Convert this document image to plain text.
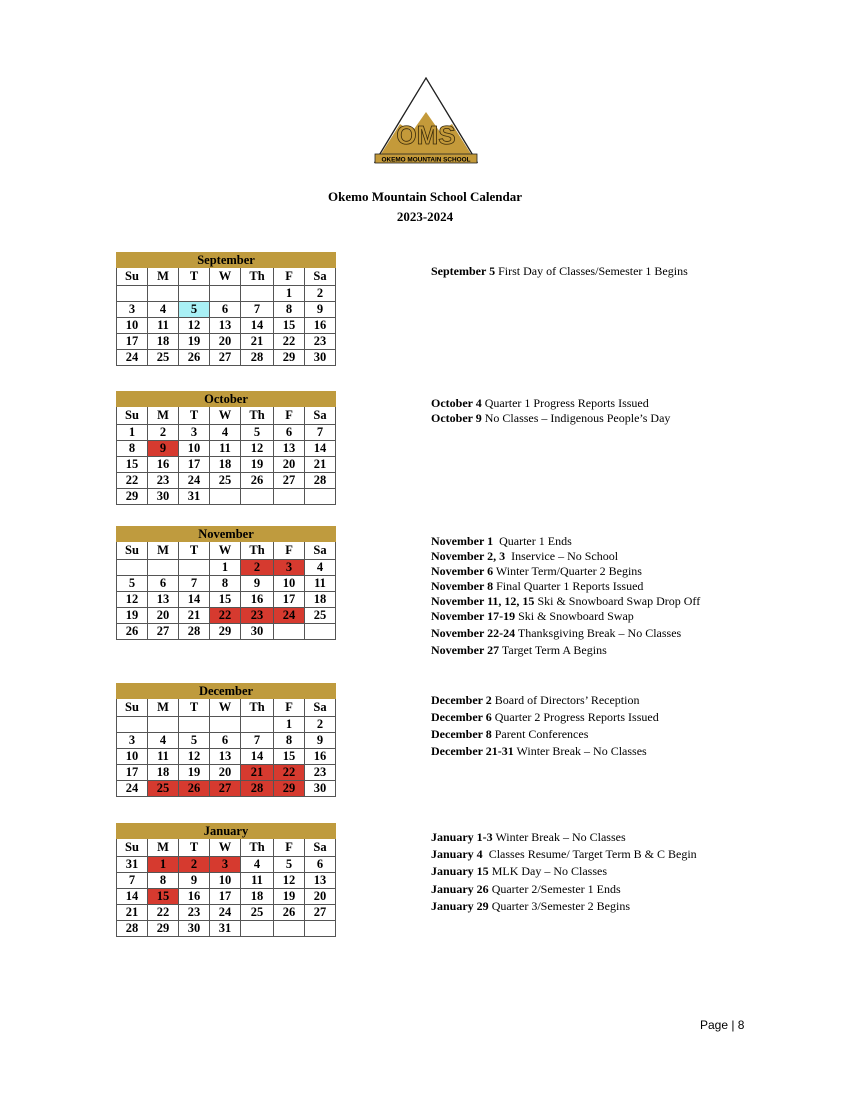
OMS
OKEMO MOUNTAIN SCHOOL
Okemo Mountain School Calendar
2023-2024
		September				
Su	M	T	W	Th	F	Sa
					1	2
3	4	5	6	7	8	9
10	11	12	13	14	15	16
17	18	19	20	21	22	23
24	25	26	27	28	29	30
		October				
Su	M	T	W	Th	F	Sa
1	2	3	4	5	6	7
8	9	10	11	12	13	14
15	16	17	18	19	20	21
22	23	24	25	26	27	28
29	30	31				
		November				
Su	M	T	W	Th	F	Sa
			1	2	3	4
5	6	7	8	9	10	11
12	13	14	15	16	17	18
19	20	21	22	23	24	25
26	27	28	29	30		
		December				
Su	M	T	W	Th	F	Sa
					1	2
3	4	5	6	7	8	9
10	11	12	13	14	15	16
17	18	19	20	21	22	23
24	25	26	27	28	29	30
		January				
Su	M	T	W	Th	F	Sa
31	1	2	3	4	5	6
7	8	9	10	11	12	13
14	15	16	17	18	19	20
21	22	23	24	25	26	27
28	29	30	31			

September 5 First Day of Classes/Semester 1 Begins

October 4 Quarter 1 Progress Reports Issued

October 9 No Classes – Indigenous People’s Day

November 1  Quarter 1 Ends

November 2, 3  Inservice – No School

November 6 Winter Term/Quarter 2 Begins

November 8 Final Quarter 1 Reports Issued

November 11, 12, 15 Ski & Snowboard Swap Drop Off

November 17-19 Ski & Snowboard Swap

November 22-24 Thanksgiving Break – No Classes

November 27 Target Term A Begins

December 2 Board of Directors’ Reception

December 6 Quarter 2 Progress Reports Issued

December 8 Parent Conferences

December 21-31 Winter Break – No Classes

January 1-3 Winter Break – No Classes

January 4  Classes Resume/ Target Term B & C Begin

January 15 MLK Day – No Classes

January 26 Quarter 2/Semester 1 Ends

January 29 Quarter 3/Semester 2 Begins

Page | 8
